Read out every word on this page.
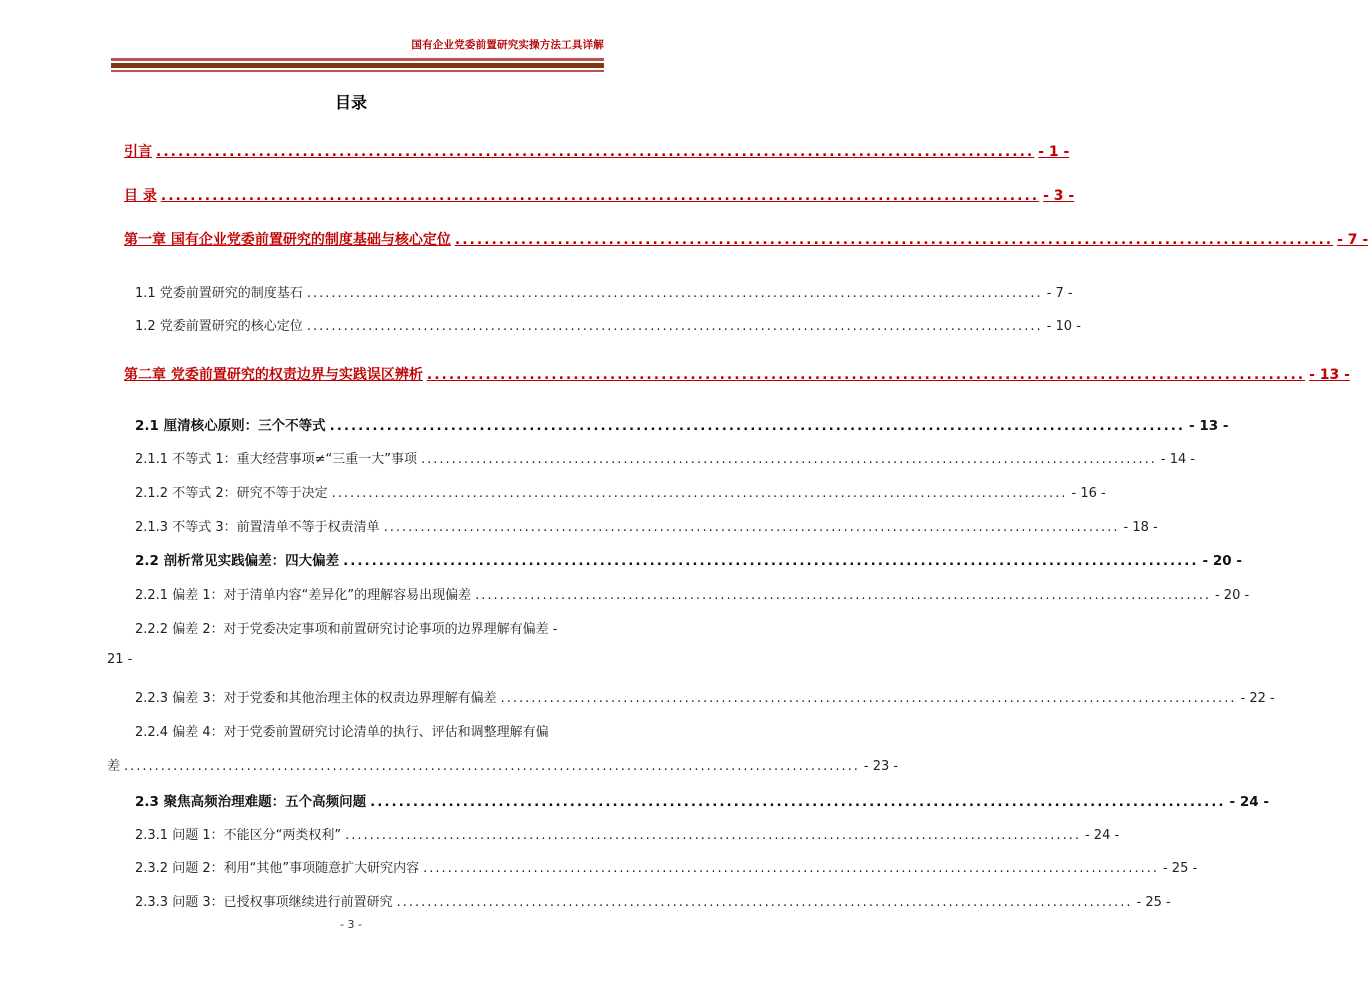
国有企业党委前置研究实操方法工具详解
目录
引言 ........................................................................................................................ - 1 -
目 录 ........................................................................................................................ - 3 -
第一章 国有企业党委前置研究的制度基础与核心定位 ........................................................................................................................ - 7 -
1.1 党委前置研究的制度基石 ........................................................................................................................ - 7 -
1.2 党委前置研究的核心定位 ........................................................................................................................ - 10 -
第二章 党委前置研究的权责边界与实践误区辨析 ........................................................................................................................ - 13 -
2.1 厘清核心原则：三个不等式 ........................................................................................................................ - 13 -
2.1.1 不等式 1：重大经营事项≠“三重一大”事项 ........................................................................................................................ - 14 -
2.1.2 不等式 2：研究不等于决定 ........................................................................................................................ - 16 -
2.1.3 不等式 3：前置清单不等于权责清单 ........................................................................................................................ - 18 -
2.2 剖析常见实践偏差：四大偏差 ........................................................................................................................ - 20 -
2.2.1 偏差 1：对于清单内容“差异化”的理解容易出现偏差 ........................................................................................................................ - 20 -
2.2.2 偏差 2：对于党委决定事项和前置研究讨论事项的边界理解有偏差 -
21 -
2.2.3 偏差 3：对于党委和其他治理主体的权责边界理解有偏差 ........................................................................................................................ - 22 -
2.2.4 偏差 4：对于党委前置研究讨论清单的执行、评估和调整理解有偏
差 ........................................................................................................................ - 23 -
2.3 聚焦高频治理难题：五个高频问题 ........................................................................................................................ - 24 -
2.3.1 问题 1：不能区分“两类权利” ........................................................................................................................ - 24 -
2.3.2 问题 2：利用“其他”事项随意扩大研究内容 ........................................................................................................................ - 25 -
2.3.3 问题 3：已授权事项继续进行前置研究 ........................................................................................................................ - 25 -
- 3 -
